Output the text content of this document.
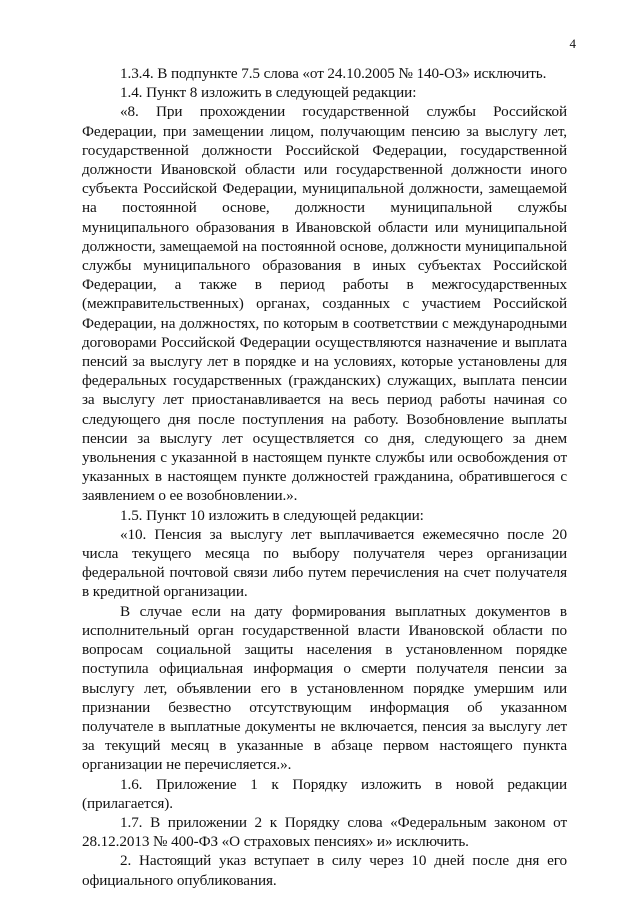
4

1.3.4. В подпункте 7.5 слова «от 24.10.2005 № 140-ОЗ» исключить.

1.4. Пункт 8 изложить в следующей редакции:

«8. При прохождении государственной службы Российской Федерации, при замещении лицом, получающим пенсию за выслугу лет, государственной должности Российской Федерации, государственной должности Ивановской области или государственной должности иного субъекта Российской Федерации, муниципальной должности, замещаемой на постоянной основе, должности муниципальной службы муниципального образования в Ивановской области или муниципальной должности, замещаемой на постоянной основе, должности муниципальной службы муниципального образования в иных субъектах Российской Федерации, а также в период работы в межгосударственных (межправительственных) органах, созданных с участием Российской Федерации, на должностях, по которым в соответствии с международными договорами Российской Федерации осуществляются назначение и выплата пенсий за выслугу лет в порядке и на условиях, которые установлены для федеральных государственных (гражданских) служащих, выплата пенсии за выслугу лет приостанавливается на весь период работы начиная со следующего дня после поступления на работу. Возобновление выплаты пенсии за выслугу лет осуществляется со дня, следующего за днем увольнения с указанной в настоящем пункте службы или освобождения от указанных в настоящем пункте должностей гражданина, обратившегося с заявлением о ее возобновлении.».

1.5. Пункт 10 изложить в следующей редакции:

«10. Пенсия за выслугу лет выплачивается ежемесячно после 20 числа текущего месяца по выбору получателя через организации федеральной почтовой связи либо путем перечисления на счет получателя в кредитной организации.

В случае если на дату формирования выплатных документов в исполнительный орган государственной власти Ивановской области по вопросам социальной защиты населения в установленном порядке поступила официальная информация о смерти получателя пенсии за выслугу лет, объявлении его в установленном порядке умершим или признании безвестно отсутствующим информация об указанном получателе в выплатные документы не включается, пенсия за выслугу лет за текущий месяц в указанные в абзаце первом настоящего пункта организации не перечисляется.».

1.6. Приложение 1 к Порядку изложить в новой редакции (прилагается).

1.7. В приложении 2 к Порядку слова «Федеральным законом от 28.12.2013 № 400-ФЗ «О страховых пенсиях» и» исключить.

2. Настоящий указ вступает в силу через 10 дней после дня его официального опубликования.
